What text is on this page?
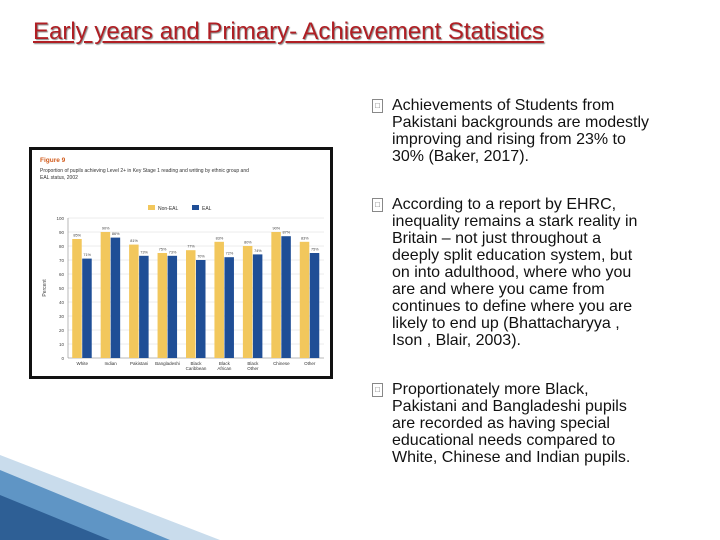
Early years and Primary- Achievement Statistics
Figure 9
Proportion of pupils achieving Level 2+ in Key Stage 1 reading and writing by ethnic group and
EAL status, 2002
Non-EAL	EAL
0
10
20
30
40
50
60
70
80
90
100
Percent
85%
71%
White
90%
86%
Indian
81%
73%
Pakistani
75%
73%
Bangladeshi
77%
70%
Black
Caribbean
83%
72%
Black
African
80%
74%
Black
Other
90%
87%
Chinese
83%
75%
Other
□ Achievements of Students from
Pakistani backgrounds are modestly
improving and rising from 23% to
30% (Baker, 2017).
□ According to a report by EHRC,
inequality remains a stark reality in
Britain – not just throughout a
deeply split education system, but
on into adulthood, where who you
are and where you came from
continues to define where you are
likely to end up (Bhattacharyya ,
Ison , Blair, 2003).
□ Proportionately more Black,
Pakistani and Bangladeshi pupils
are recorded as having special
educational needs compared to
White, Chinese and Indian pupils.
